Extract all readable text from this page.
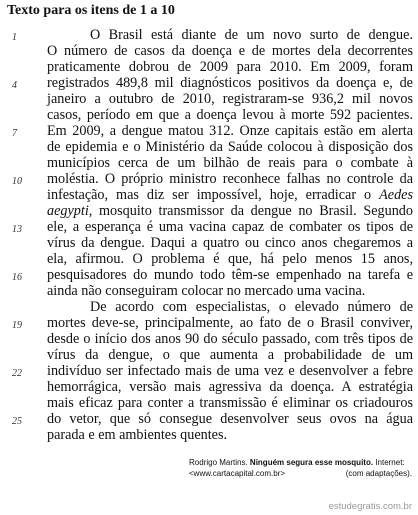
Texto para os itens de 1 a 10
1
4
7
10
13
16
19
22
25
O Brasil está diante de um novo surto de dengue.
O número de casos da doença e de mortes dela decorrentes
praticamente dobrou de 2009 para 2010. Em 2009, foram
registrados 489,8 mil diagnósticos positivos da doença e, de
janeiro a outubro de 2010, registraram-se 936,2 mil novos
casos, período em que a doença levou à morte 592 pacientes.
Em 2009, a dengue matou 312. Onze capitais estão em alerta
de epidemia e o Ministério da Saúde colocou à disposição dos
municípios cerca de um bilhão de reais para o combate à
moléstia. O próprio ministro reconhece falhas no controle da
infestação, mas diz ser impossível, hoje, erradicar o Aedes
aegypti, mosquito transmissor da dengue no Brasil. Segundo
ele, a esperança é uma vacina capaz de combater os tipos de
vírus da dengue. Daqui a quatro ou cinco anos chegaremos a
ela, afirmou. O problema é que, há pelo menos 15 anos,
pesquisadores do mundo todo têm-se empenhado na tarefa e
ainda não conseguiram colocar no mercado uma vacina.
De acordo com especialistas, o elevado número de
mortes deve-se, principalmente, ao fato de o Brasil conviver,
desde o início dos anos 90 do século passado, com três tipos de
vírus da dengue, o que aumenta a probabilidade de um
indivíduo ser infectado mais de uma vez e desenvolver a febre
hemorrágica, versão mais agressiva da doença. A estratégia
mais eficaz para conter a transmissão é eliminar os criadouros
do vetor, que só consegue desenvolver seus ovos na água
parada e em ambientes quentes.
Rodrigo Martins. Ninguém segura esse mosquito. Internet:
<www.cartacapital.com.br>	(com adaptações).
estudegratis.com.br
